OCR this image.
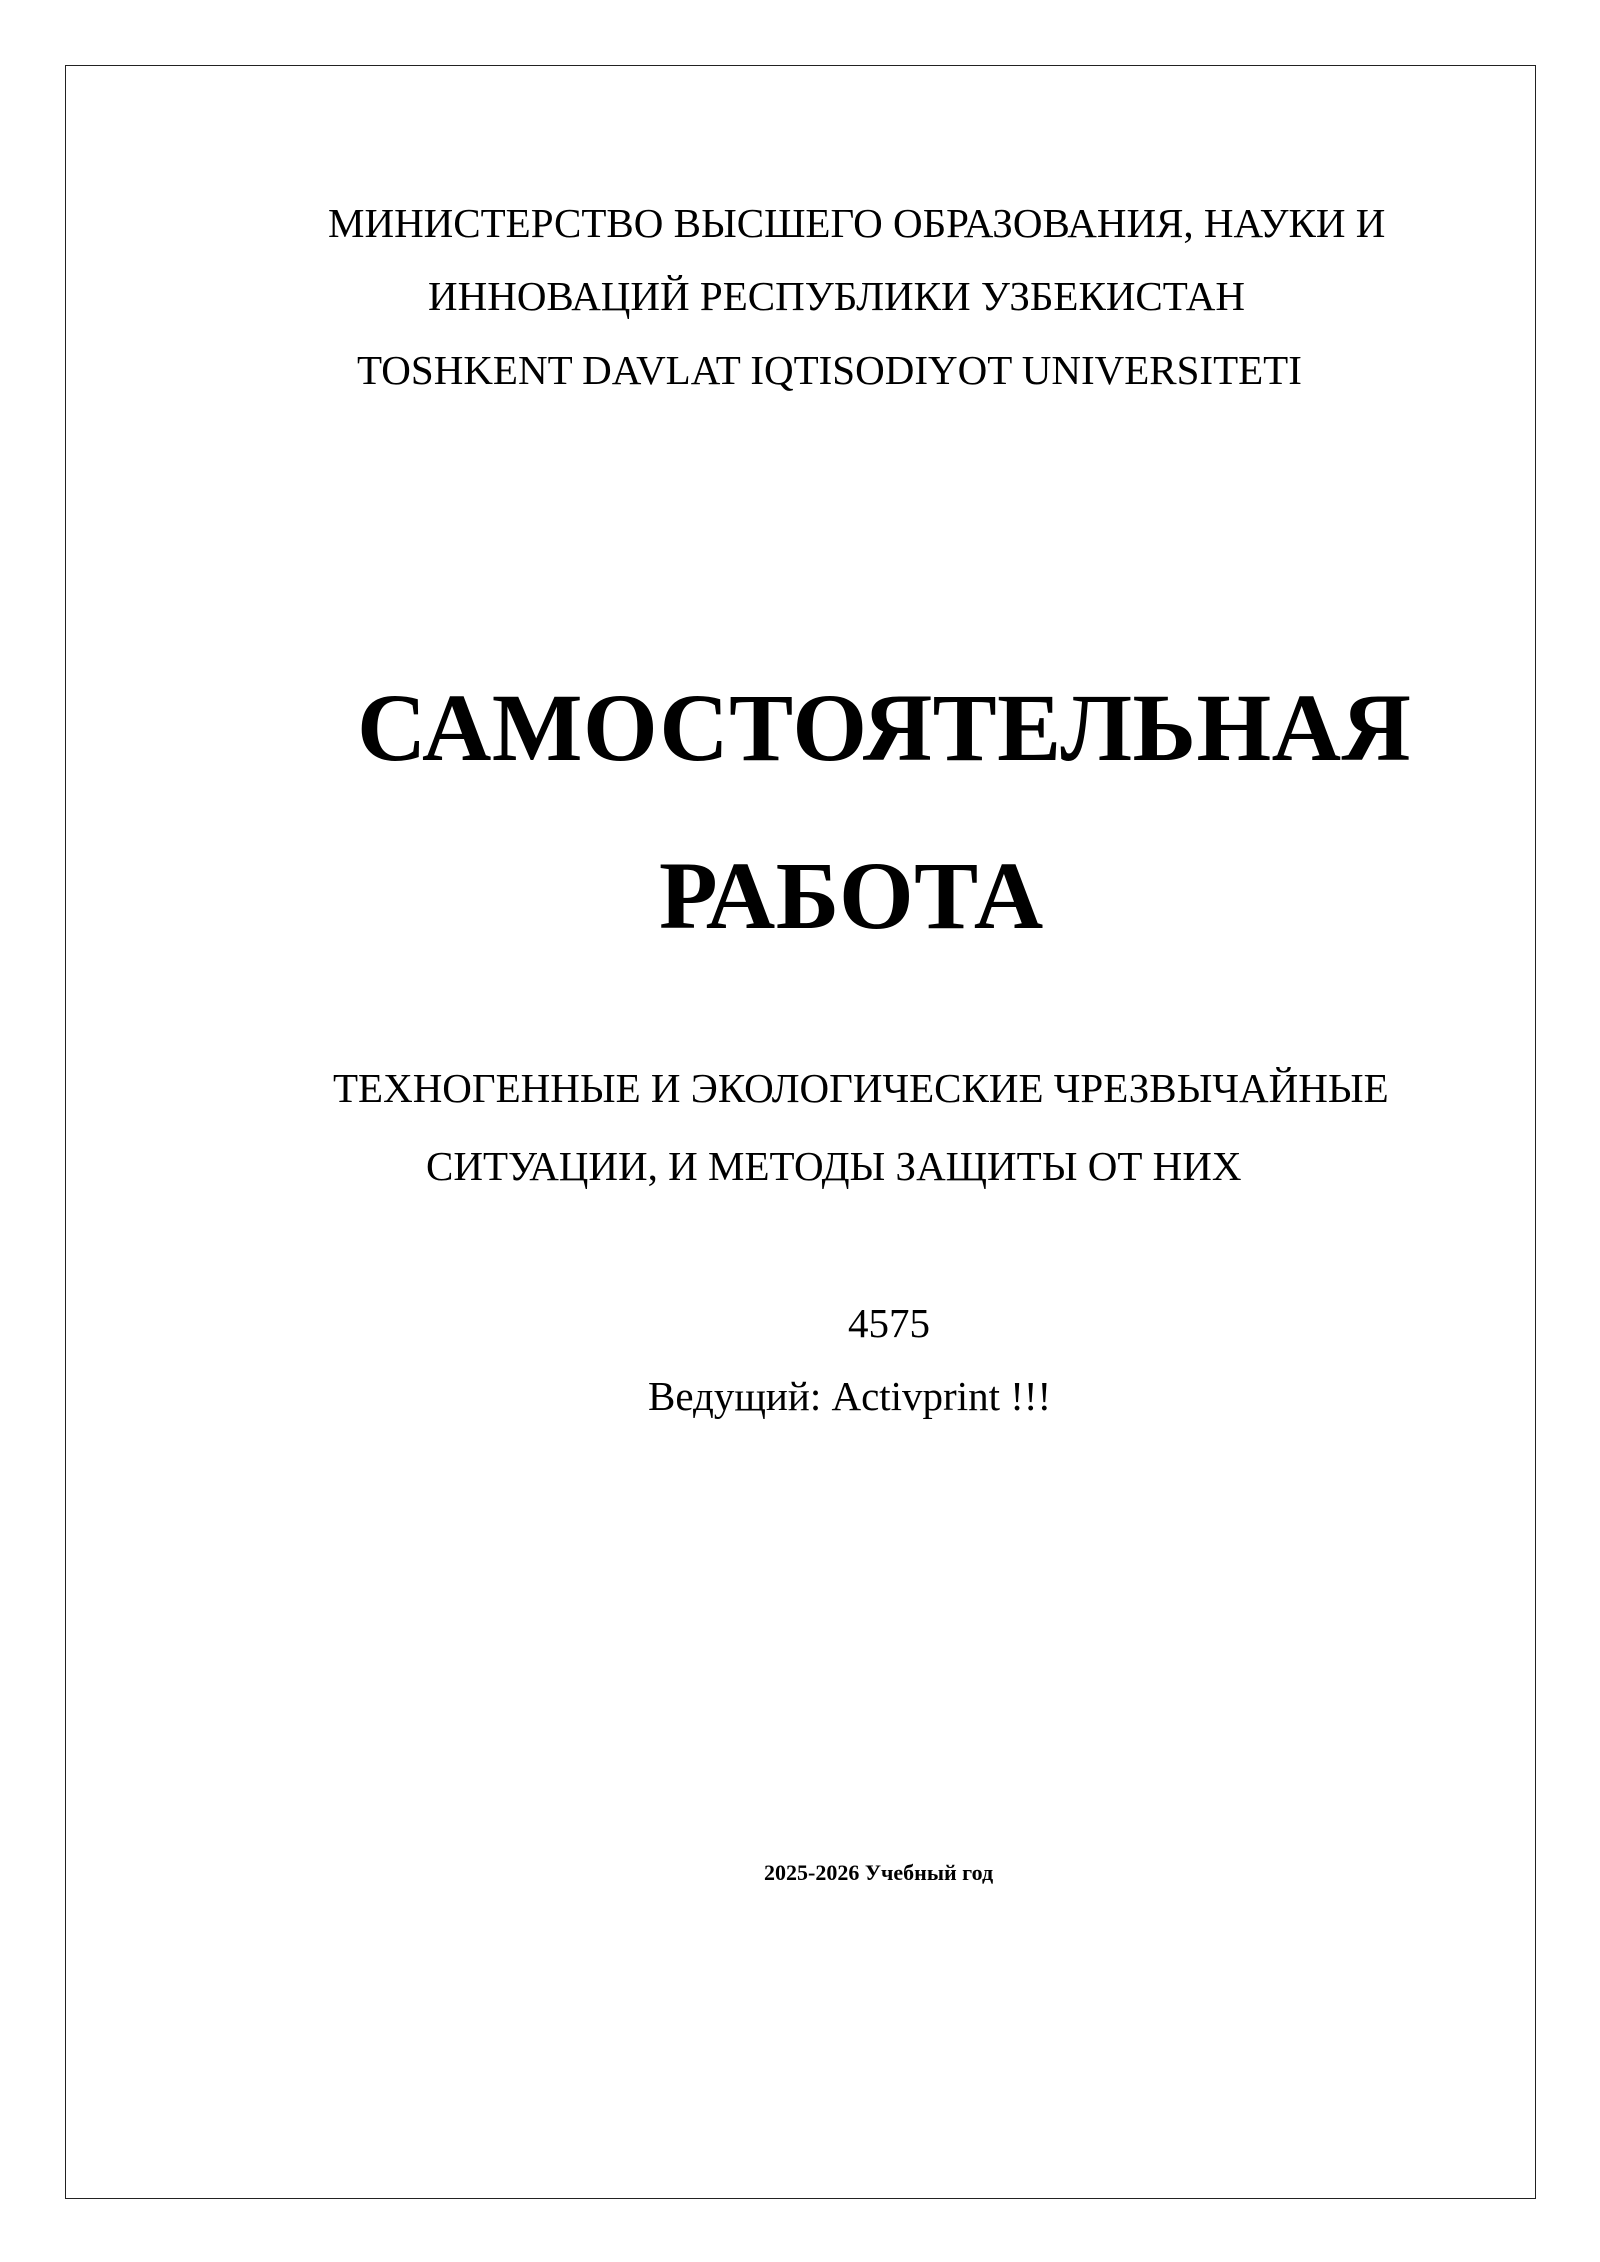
МИНИСТЕРСТВО ВЫСШЕГО ОБРАЗОВАНИЯ, НАУКИ И
ИННОВАЦИЙ РЕСПУБЛИКИ УЗБЕКИСТАН
TOSHKENT DAVLAT IQTISODIYOT UNIVERSITETI
САМОСТОЯТЕЛЬНАЯ
РАБОТА
ТЕХНОГЕННЫЕ И ЭКОЛОГИЧЕСКИЕ ЧРЕЗВЫЧАЙНЫЕ
СИТУАЦИИ, И МЕТОДЫ ЗАЩИТЫ ОТ НИХ
4575
Ведущий: Activprint !!!
2025-2026 Учебный год
